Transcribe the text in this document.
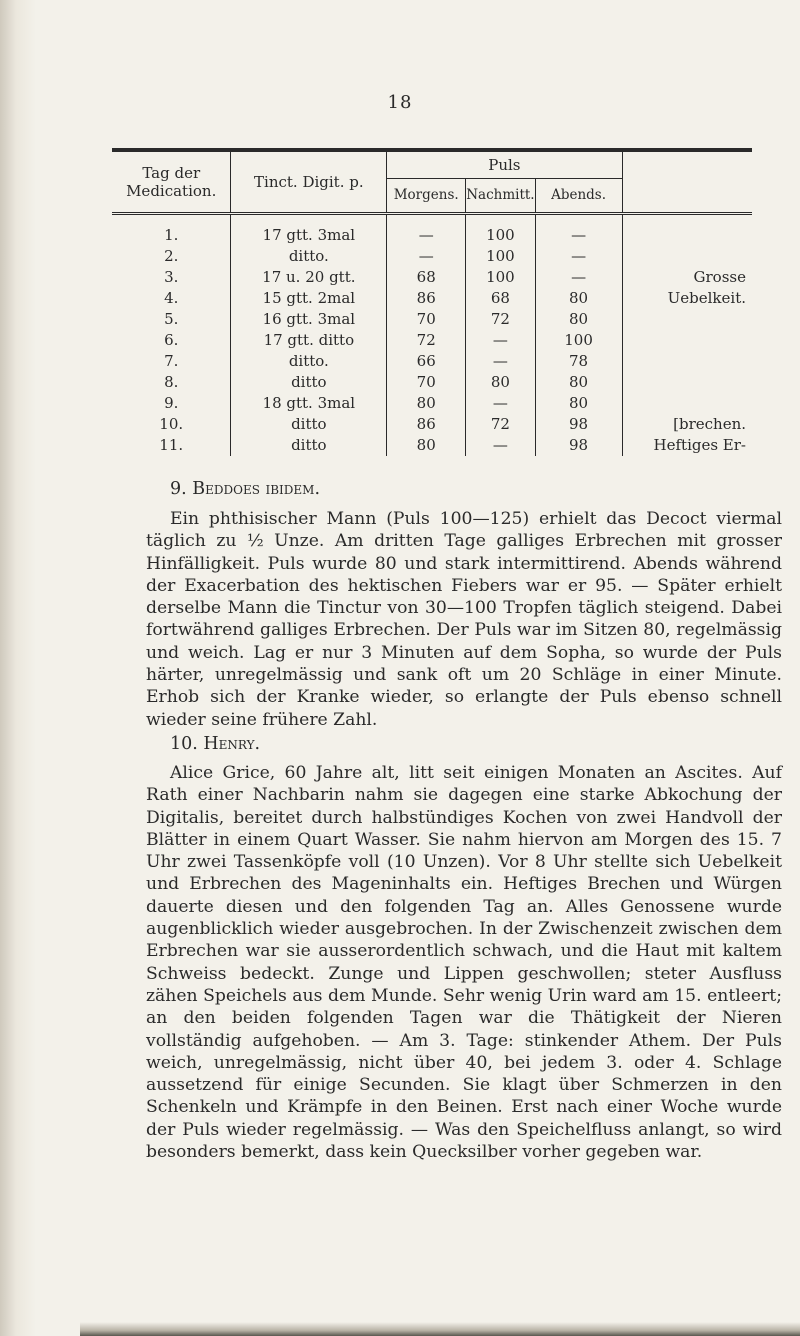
18
Tag der Medication.	Tinct. Digit. p.	Puls			
		Morgens.	Nachmitt.	Abends.	

1.	17 gtt. 3mal	—	100	—	
2.	ditto.	—	100	—	
3.	17 u. 20 gtt.	68	100	—	Grosse
4.	15 gtt. 2mal	86	68	80	Uebelkeit.
5.	16 gtt. 3mal	70	72	80	
6.	17 gtt. ditto	72	—	100	
7.	ditto.	66	—	78	
8.	ditto	70	80	80	
9.	18 gtt. 3mal	80	—	80	
10.	ditto	86	72	98	[brechen.
11.	ditto	80	—	98	Heftiges Er-
9. Beddoes ibidem.

Ein phthisischer Mann (Puls 100—125) erhielt das Decoct viermal täglich zu ½ Unze. Am dritten Tage galliges Erbrechen mit grosser Hinfälligkeit. Puls wurde 80 und stark intermittirend. Abends während der Exacerbation des hektischen Fiebers war er 95. — Später erhielt derselbe Mann die Tinctur von 30—100 Tropfen täglich steigend. Dabei fortwährend galliges Erbrechen. Der Puls war im Sitzen 80, regelmässig und weich. Lag er nur 3 Minuten auf dem Sopha, so wurde der Puls härter, unregelmässig und sank oft um 20 Schläge in einer Minute. Erhob sich der Kranke wieder, so erlangte der Puls ebenso schnell wieder seine frühere Zahl.

10. Henry.

Alice Grice, 60 Jahre alt, litt seit einigen Monaten an Ascites. Auf Rath einer Nachbarin nahm sie dagegen eine starke Abkochung der Digitalis, bereitet durch halbstündiges Kochen von zwei Handvoll der Blätter in einem Quart Wasser. Sie nahm hiervon am Morgen des 15. 7 Uhr zwei Tassenköpfe voll (10 Unzen). Vor 8 Uhr stellte sich Uebelkeit und Erbrechen des Mageninhalts ein. Heftiges Brechen und Würgen dauerte diesen und den folgenden Tag an. Alles Genossene wurde augenblicklich wieder ausgebrochen. In der Zwischenzeit zwischen dem Erbrechen war sie ausserordentlich schwach, und die Haut mit kaltem Schweiss bedeckt. Zunge und Lippen geschwollen; steter Ausfluss zähen Speichels aus dem Munde. Sehr wenig Urin ward am 15. entleert; an den beiden folgenden Tagen war die Thätigkeit der Nieren vollständig aufgehoben. — Am 3. Tage: stinkender Athem. Der Puls weich, unregelmässig, nicht über 40, bei jedem 3. oder 4. Schlage aussetzend für einige Secunden. Sie klagt über Schmerzen in den Schenkeln und Krämpfe in den Beinen. Erst nach einer Woche wurde der Puls wieder regelmässig. — Was den Speichelfluss anlangt, so wird besonders bemerkt, dass kein Quecksilber vorher gegeben war.
